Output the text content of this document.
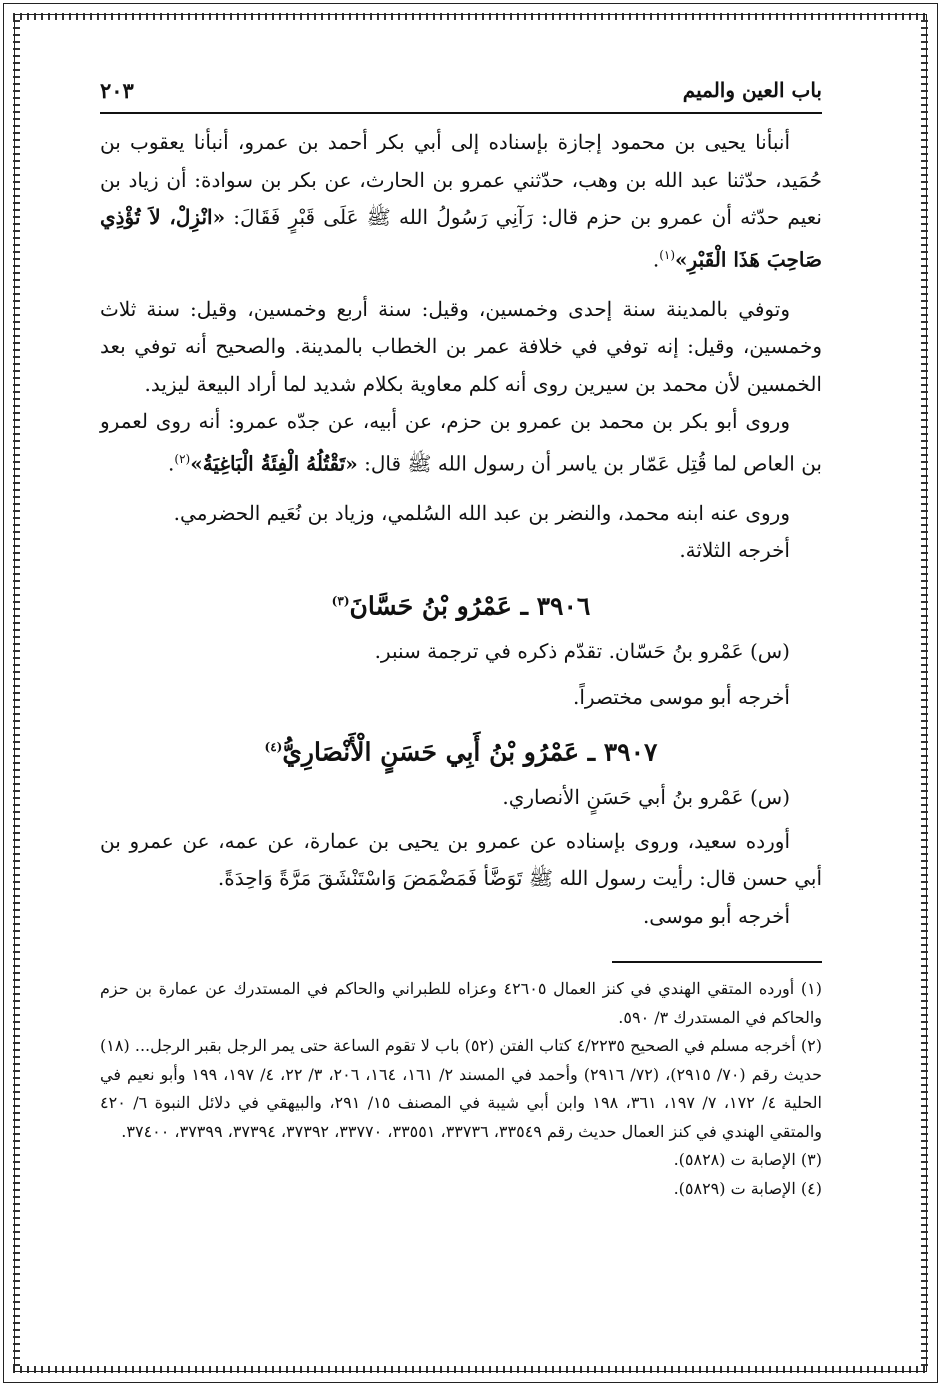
باب العين والميم
٢٠٣

أنبأنا يحيى بن محمود إجازة بإسناده إلى أبي بكر أحمد بن عمرو، أنبأنا يعقوب بن حُمَيد، حدّثنا عبد الله بن وهب، حدّثني عمرو بن الحارث، عن بكر بن سوادة: أن زياد بن نعيم حدّثه أن عمرو بن حزم قال: رَآنِي رَسُولُ الله ﷺ عَلَى قَبْرٍ فَقَالَ: «انْزِلْ، لاَ تُؤْذِي صَاحِبَ هَذَا الْقَبْرِ»$^{(١)}$.

وتوفي بالمدينة سنة إحدى وخمسين، وقيل: سنة أربع وخمسين، وقيل: سنة ثلاث وخمسين، وقيل: إنه توفي في خلافة عمر بن الخطاب بالمدينة. والصحيح أنه توفي بعد الخمسين لأن محمد بن سيرين روى أنه كلم معاوية بكلام شديد لما أراد البيعة ليزيد.

وروى أبو بكر بن محمد بن عمرو بن حزم، عن أبيه، عن جدّه عمرو: أنه روى لعمرو بن العاص لما قُتِل عَمّار بن ياسر أن رسول الله ﷺ قال: «تَقْتُلُهُ الْفِئَةُ الْبَاغِيَةُ»$^{(٢)}$.

وروى عنه ابنه محمد، والنضر بن عبد الله السُلمي، وزياد بن نُعَيم الحضرمي.

أخرجه الثلاثة.

٣٩٠٦ ـ عَمْرُو بْنُ حَسَّانَ$^{(٣)}$

(س) عَمْرو بنُ حَسّان. تقدّم ذكره في ترجمة سنبر.

أخرجه أبو موسى مختصراً.

٣٩٠٧ ـ عَمْرُو بْنُ أَبِي حَسَنٍ الْأَنْصَارِيُّ$^{(٤)}$

(س) عَمْرو بنُ أبي حَسَنٍ الأنصاري.

أورده سعيد، وروى بإسناده عن عمرو بن يحيى بن عمارة، عن عمه، عن عمرو بن أبي حسن قال: رأيت رسول الله ﷺ تَوَضَّأ فَمَضْمَضَ وَاسْتَنْشَقَ مَرَّةً وَاحِدَةً.

أخرجه أبو موسى.

(١) أورده المتقي الهندي في كنز العمال ٤٢٦٠٥ وعزاه للطبراني والحاكم في المستدرك عن عمارة بن حزم والحاكم في المستدرك ٣/ ٥٩٠.

(٢) أخرجه مسلم في الصحيح ٤/٢٢٣٥ كتاب الفتن (٥٢) باب لا تقوم الساعة حتى يمر الرجل بقبر الرجل... (١٨) حديث رقم (٧٠/ ٢٩١٥)، (٧٢/ ٢٩١٦) وأحمد في المسند ٢/ ١٦١، ١٦٤، ٢٠٦، ٣/ ٢٢، ٤/ ١٩٧، ١٩٩ وأبو نعيم في الحلية ٤/ ١٧٢، ٧/ ١٩٧، ٣٦١، ١٩٨ وابن أبي شيبة في المصنف ١٥/ ٢٩١، والبيهقي في دلائل النبوة ٦/ ٤٢٠ والمتقي الهندي في كنز العمال حديث رقم ٣٣٥٤٩، ٣٣٧٣٦، ٣٣٥٥١، ٣٣٧٧٠، ٣٧٣٩٢، ٣٧٣٩٤، ٣٧٣٩٩، ٣٧٤٠٠.

(٣) الإصابة ت (٥٨٢٨).

(٤) الإصابة ت (٥٨٢٩).
